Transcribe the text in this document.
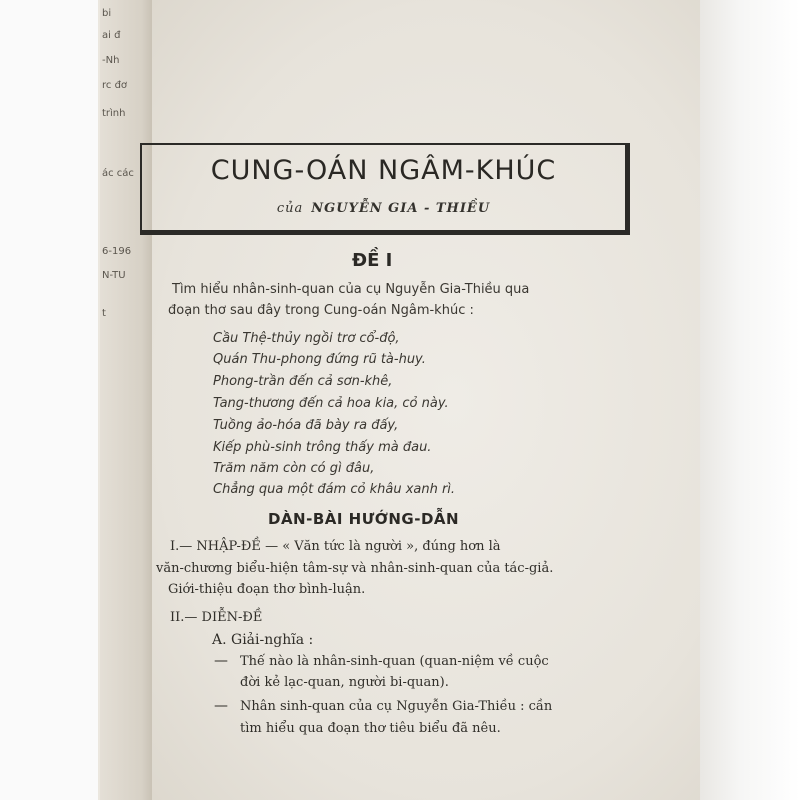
bi
ai đ
-Nh
rc đơ
trình
ác các
6-196
N-TU
t
CUNG-OÁN NGÂM-KHÚC
của NGUYỄN GIA - THIỀU
ĐỀ I
Tìm hiểu nhân-sinh-quan của cụ Nguyễn Gia-Thiều qua
đoạn thơ sau đây trong Cung-oán Ngâm-khúc :
Cầu Thệ-thủy ngồi trơ cổ-độ,
Quán Thu-phong đứng rũ tà-huy.
Phong-trần đến cả sơn-khê,
Tang-thương đến cả hoa kia, cỏ này.
Tuồng ảo-hóa đã bày ra đấy,
Kiếp phù-sinh trông thấy mà đau.
Trăm năm còn có gì đâu,
Chẳng qua một đám cỏ khâu xanh rì.
DÀN-BÀI HƯỚNG-DẪN
I.— NHẬP-ĐỀ — « Văn tức là người », đúng hơn là
văn-chương biểu-hiện tâm-sự và nhân-sinh-quan của tác-giả.
Giới-thiệu đoạn thơ bình-luận.
II.— DIỄN-ĐỀ
A. Giải-nghĩa :
— Thế nào là nhân-sinh-quan (quan-niệm về cuộc
đời kẻ lạc-quan, người bi-quan).
— Nhân sinh-quan của cụ Nguyễn Gia-Thiều : cần
tìm hiểu qua đoạn thơ tiêu biểu đã nêu.
